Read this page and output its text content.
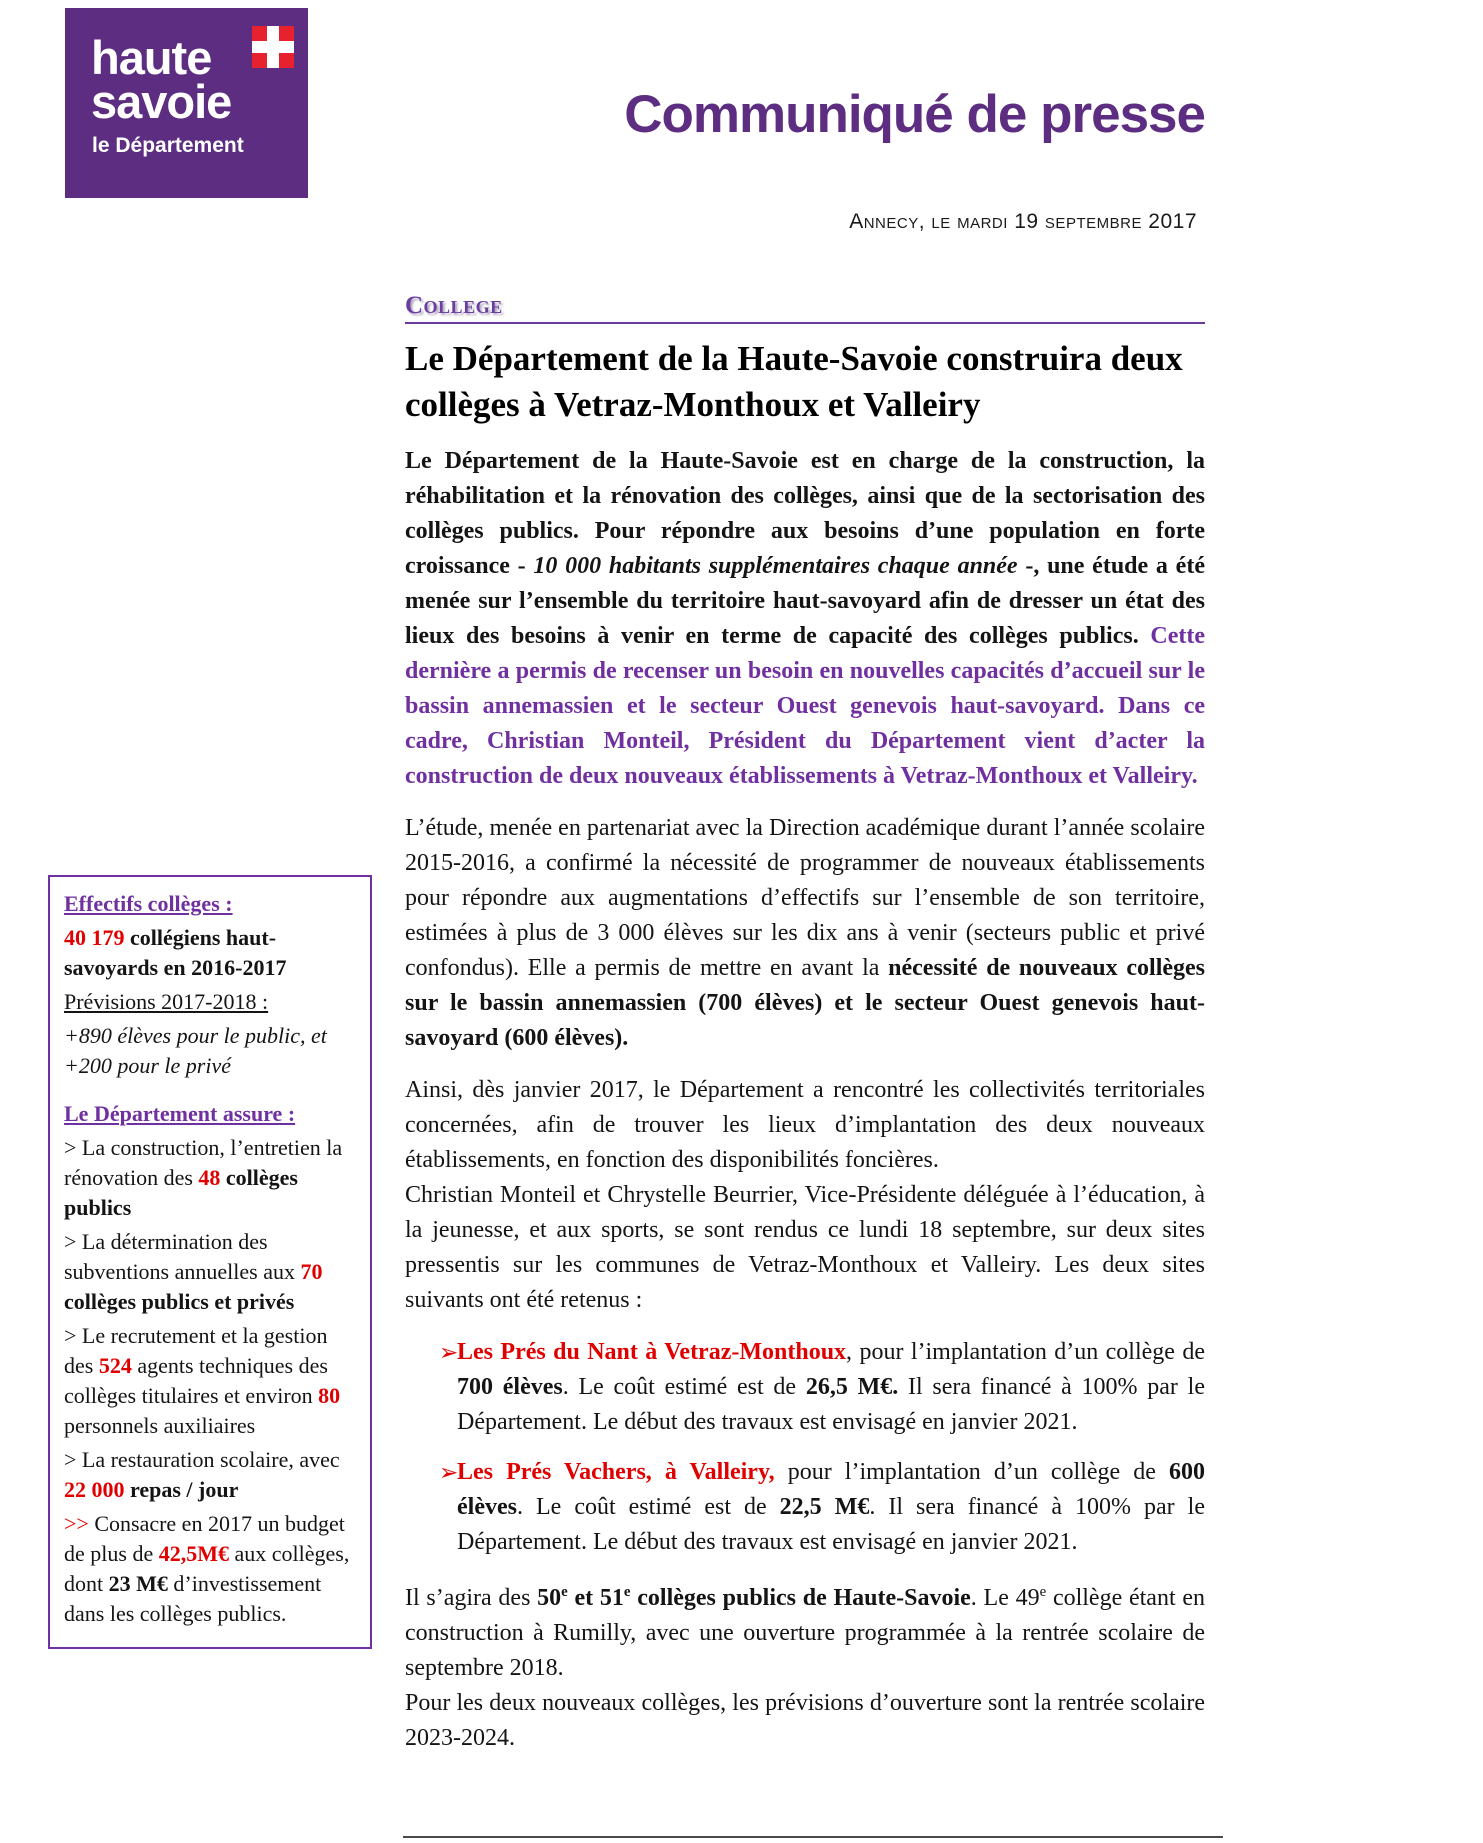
haute
savoie
le Département
Communiqué de presse
Annecy, le mardi 19 septembre 2017
Effectifs collèges :
40 179 collégiens haut-savoyards en 2016-2017
Prévisions 2017-2018 :
+890 élèves pour le public, et +200 pour le privé
Le Département assure :
> La construction, l’entretien la rénovation des 48 collèges publics
> La détermination des subventions annuelles aux 70 collèges publics et privés
> Le recrutement et la gestion des 524 agents techniques des collèges titulaires et environ 80 personnels auxiliaires
> La restauration scolaire, avec 22 000 repas / jour
>> Consacre en 2017 un budget de plus de 42,5M€ aux collèges, dont 23 M€ d’investissement dans les collèges publics.
College
Le Département de la Haute-Savoie construira deux collèges à Vetraz-Monthoux et Valleiry

Le Département de la Haute-Savoie est en charge de la construction, la réhabilitation et la rénovation des collèges, ainsi que de la sectorisation des collèges publics. Pour répondre aux besoins d’une population en forte croissance - 10 000 habitants supplémentaires chaque année -, une étude a été menée sur l’ensemble du territoire haut-savoyard afin de dresser un état des lieux des besoins à venir en terme de capacité des collèges publics. Cette dernière a permis de recenser un besoin en nouvelles capacités d’accueil sur le bassin annemassien et le secteur Ouest genevois haut-savoyard. Dans ce cadre, Christian Monteil, Président du Département vient d’acter la construction de deux nouveaux établissements à Vetraz-Monthoux et Valleiry.

L’étude, menée en partenariat avec la Direction académique durant l’année scolaire 2015-2016, a confirmé la nécessité de programmer de nouveaux établissements pour répondre aux augmentations d’effectifs sur l’ensemble de son territoire, estimées à plus de 3 000 élèves sur les dix ans à venir (secteurs public et privé confondus). Elle a permis de mettre en avant la nécessité de nouveaux collèges sur le bassin annemassien (700 élèves) et le secteur Ouest genevois haut-savoyard (600 élèves).

Ainsi, dès janvier 2017, le Département a rencontré les collectivités territoriales concernées, afin de trouver les lieux d’implantation des deux nouveaux établissements, en fonction des disponibilités foncières.
Christian Monteil et Chrystelle Beurrier, Vice-Présidente déléguée à l’éducation, à la jeunesse, et aux sports, se sont rendus ce lundi 18 septembre, sur deux sites pressentis sur les communes de Vetraz-Monthoux et Valleiry. Les deux sites suivants ont été retenus :

➢
Les Prés du Nant à Vetraz-Monthoux, pour l’implantation d’un collège de 700 élèves. Le coût estimé est de 26,5 M€. Il sera financé à 100% par le Département. Le début des travaux est envisagé en janvier 2021.
➢
Les Prés Vachers, à Valleiry, pour l’implantation d’un collège de 600 élèves. Le coût estimé est de 22,5 M€. Il sera financé à 100% par le Département. Le début des travaux est envisagé en janvier 2021.

Il s’agira des 50e et 51e collèges publics de Haute-Savoie. Le 49e collège étant en construction à Rumilly, avec une ouverture programmée à la rentrée scolaire de septembre 2018.
Pour les deux nouveaux collèges, les prévisions d’ouverture sont la rentrée scolaire 2023-2024.
